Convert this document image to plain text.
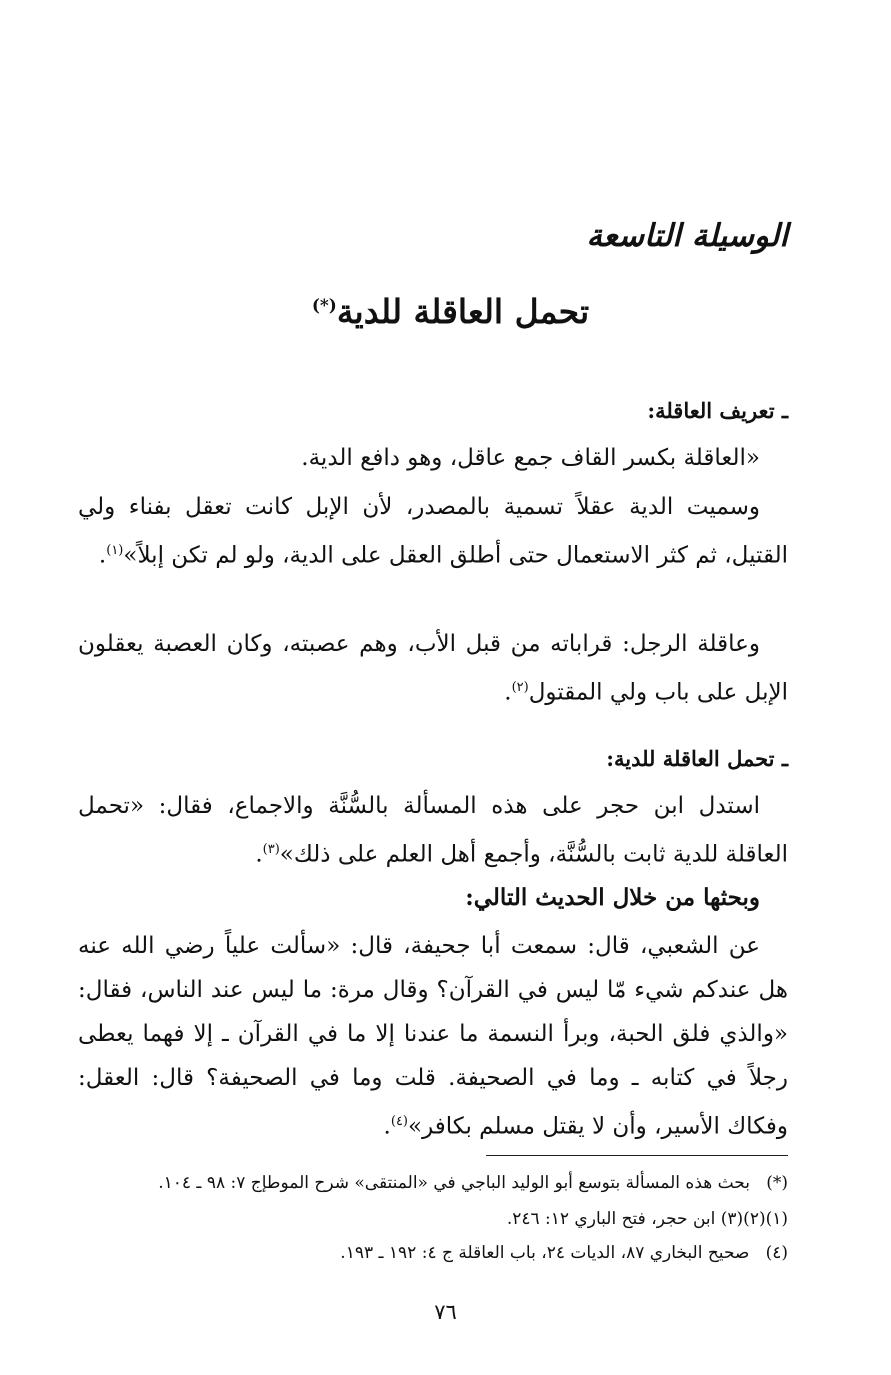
الوسيلة التاسعة
تحمل العاقلة للدية(*)
ـ تعريف العاقلة:
«العاقلة بكسر القاف جمع عاقل، وهو دافع الدية.
وسميت الدية عقلاً تسمية بالمصدر، لأن الإبل كانت تعقل بفناء ولي القتيل، ثم كثر الاستعمال حتى أطلق العقل على الدية، ولو لم تكن إبلاً»$^{(١)}$.
وعاقلة الرجل: قراباته من قبل الأب، وهم عصبته، وكان العصبة يعقلون الإبل على باب ولي المقتول$^{(٢)}$.
ـ تحمل العاقلة للدية:
استدل ابن حجر على هذه المسألة بالسُّنَّة والاجماع، فقال: «تحمل العاقلة للدية ثابت بالسُّنَّة، وأجمع أهل العلم على ذلك»$^{(٣)}$.
وبحثها من خلال الحديث التالي:
عن الشعبي، قال: سمعت أبا جحيفة، قال: «سألت علياً رضي الله عنه هل عندكم شيء مّا ليس في القرآن؟ وقال مرة: ما ليس عند الناس، فقال: «والذي فلق الحبة، وبرأ النسمة ما عندنا إلا ما في القرآن ـ إلا فهما يعطى رجلاً في كتابه ـ وما في الصحيفة. قلت وما في الصحيفة؟ قال: العقل: وفكاك الأسير، وأن لا يقتل مسلم بكافر»$^{(٤)}$.
(*)   بحث هذه المسألة بتوسع أبو الوليد الباجي في «المنتقى» شرح الموطإج ٧: ٩٨ ـ ١٠٤.
(١)(٢)(٣) ابن حجر، فتح الباري ١٢: ٢٤٦.
(٤)   صحيح البخاري ٨٧، الديات ٢٤، باب العاقلة ج ٤: ١٩٢ ـ ١٩٣.
٧٦
